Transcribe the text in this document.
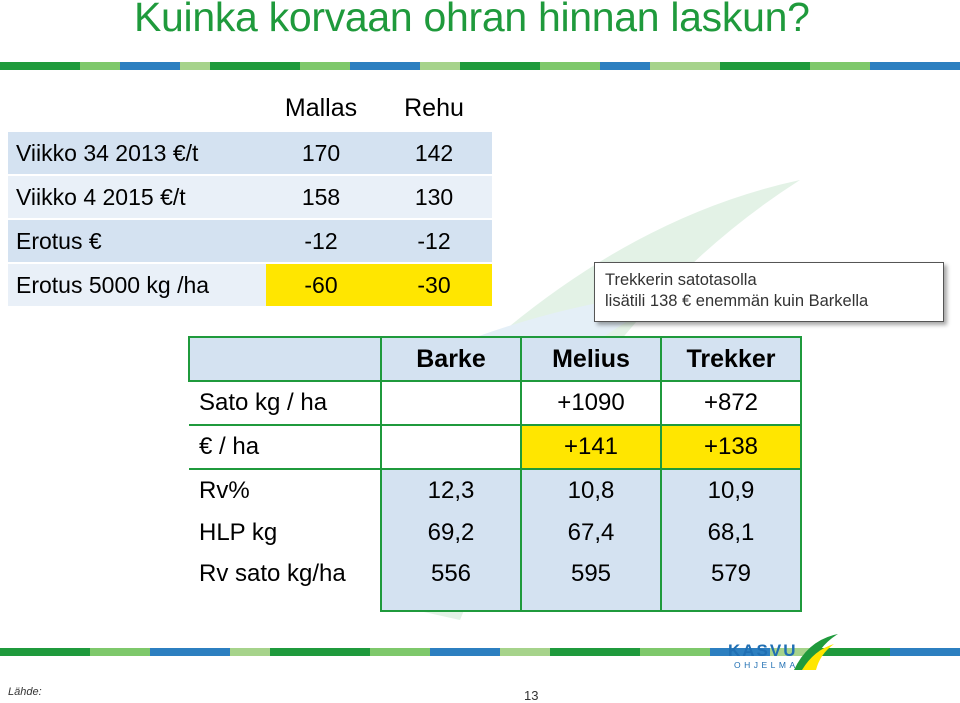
Kuinka korvaan ohran hinnan laskun?
	Mallas	Rehu
Viikko 34 2013 €/t	170	142
Viikko 4 2015 €/t	158	130
Erotus €	-12	-12
Erotus 5000 kg /ha	-60	-30	Trekkerin satotasolla
lisätili 138 € enemmän kuin Barkella
	Barke	Melius	Trekker
Sato kg / ha		+1090	+872
€ / ha		+141	+138
Rv%	12,3	10,8	10,9
HLP kg	69,2	67,4	68,1
Rv sato kg/ha	556	595	579
KASVU
OHJELMA
Lähde:	13
